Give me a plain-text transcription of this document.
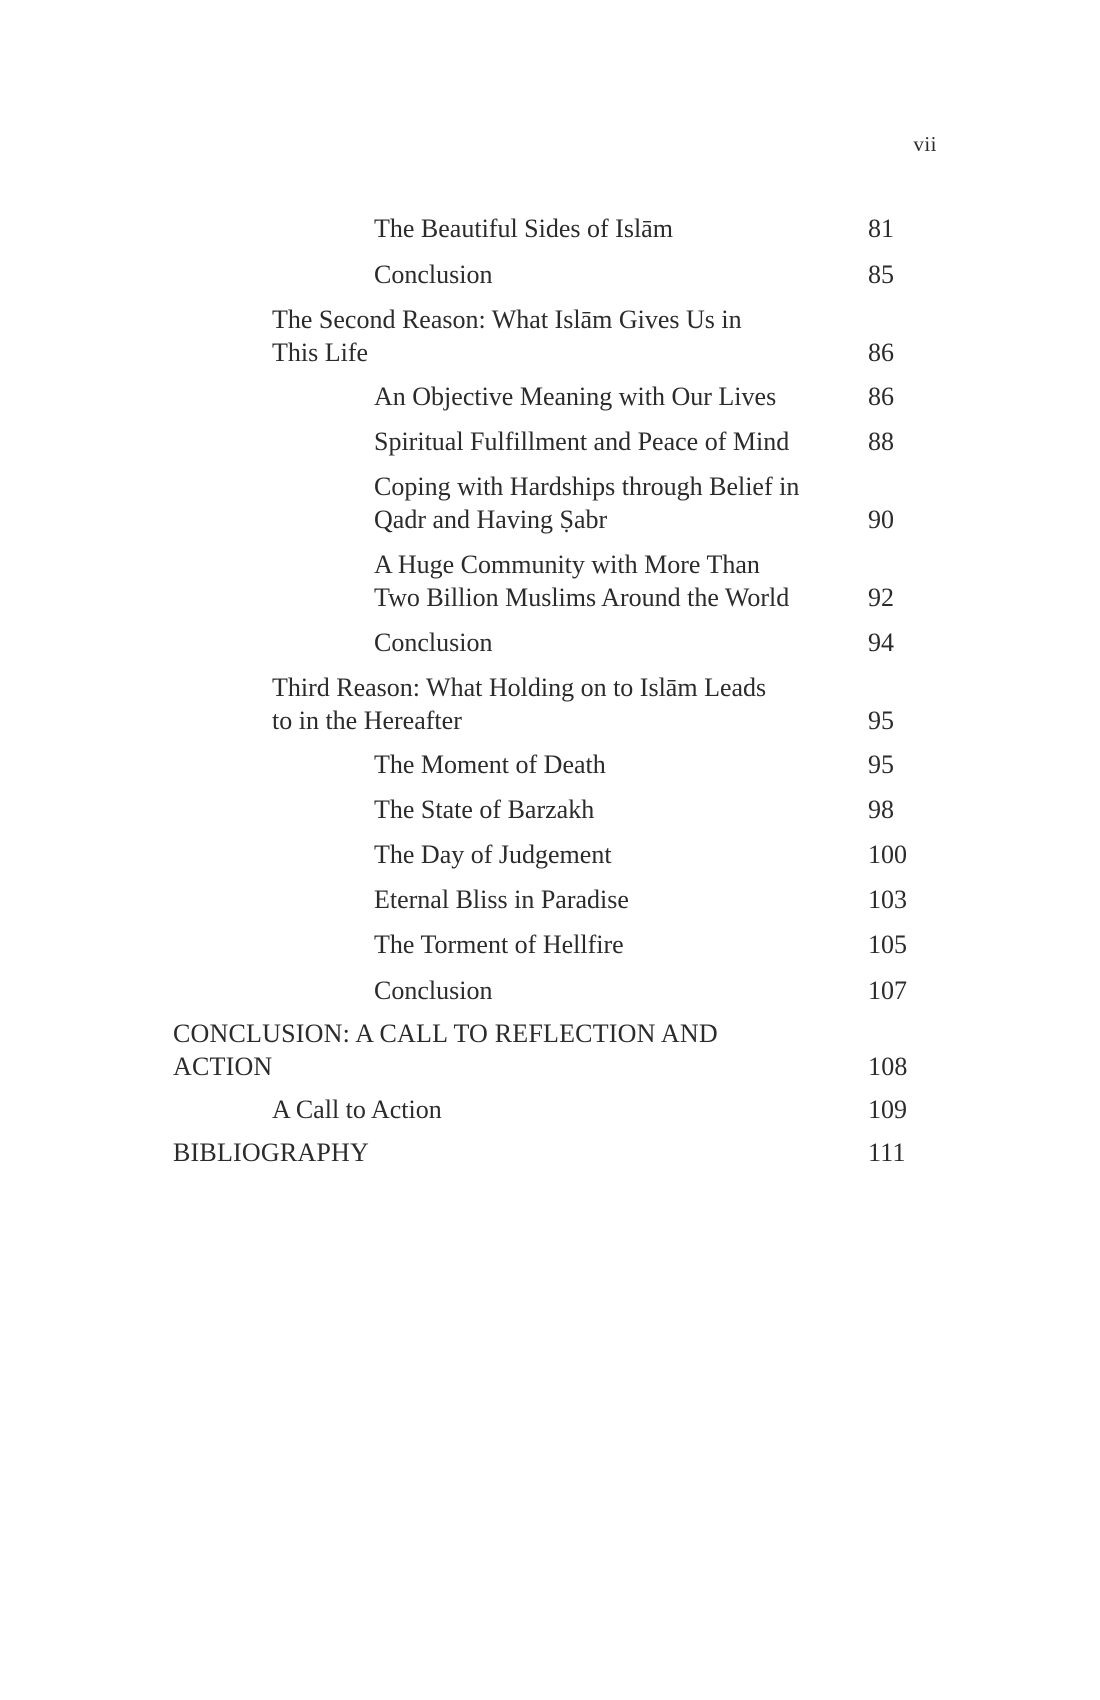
vii
The Beautiful Sides of Islām	81
Conclusion	85
The Second Reason: What Islām Gives Us in
This Life	86
An Objective Meaning with Our Lives	86
Spiritual Fulfillment and Peace of Mind	88
Coping with Hardships through Belief in
Qadr and Having Ṣabr	90
A Huge Community with More Than
Two Billion Muslims Around the World	92
Conclusion	94
Third Reason: What Holding on to Islām Leads
to in the Hereafter	95
The Moment of Death	95
The State of Barzakh	98
The Day of Judgement	100
Eternal Bliss in Paradise	103
The Torment of Hellfire	105
Conclusion	107
CONCLUSION: A CALL TO REFLECTION AND
ACTION	108
A Call to Action	109
BIBLIOGRAPHY	111
